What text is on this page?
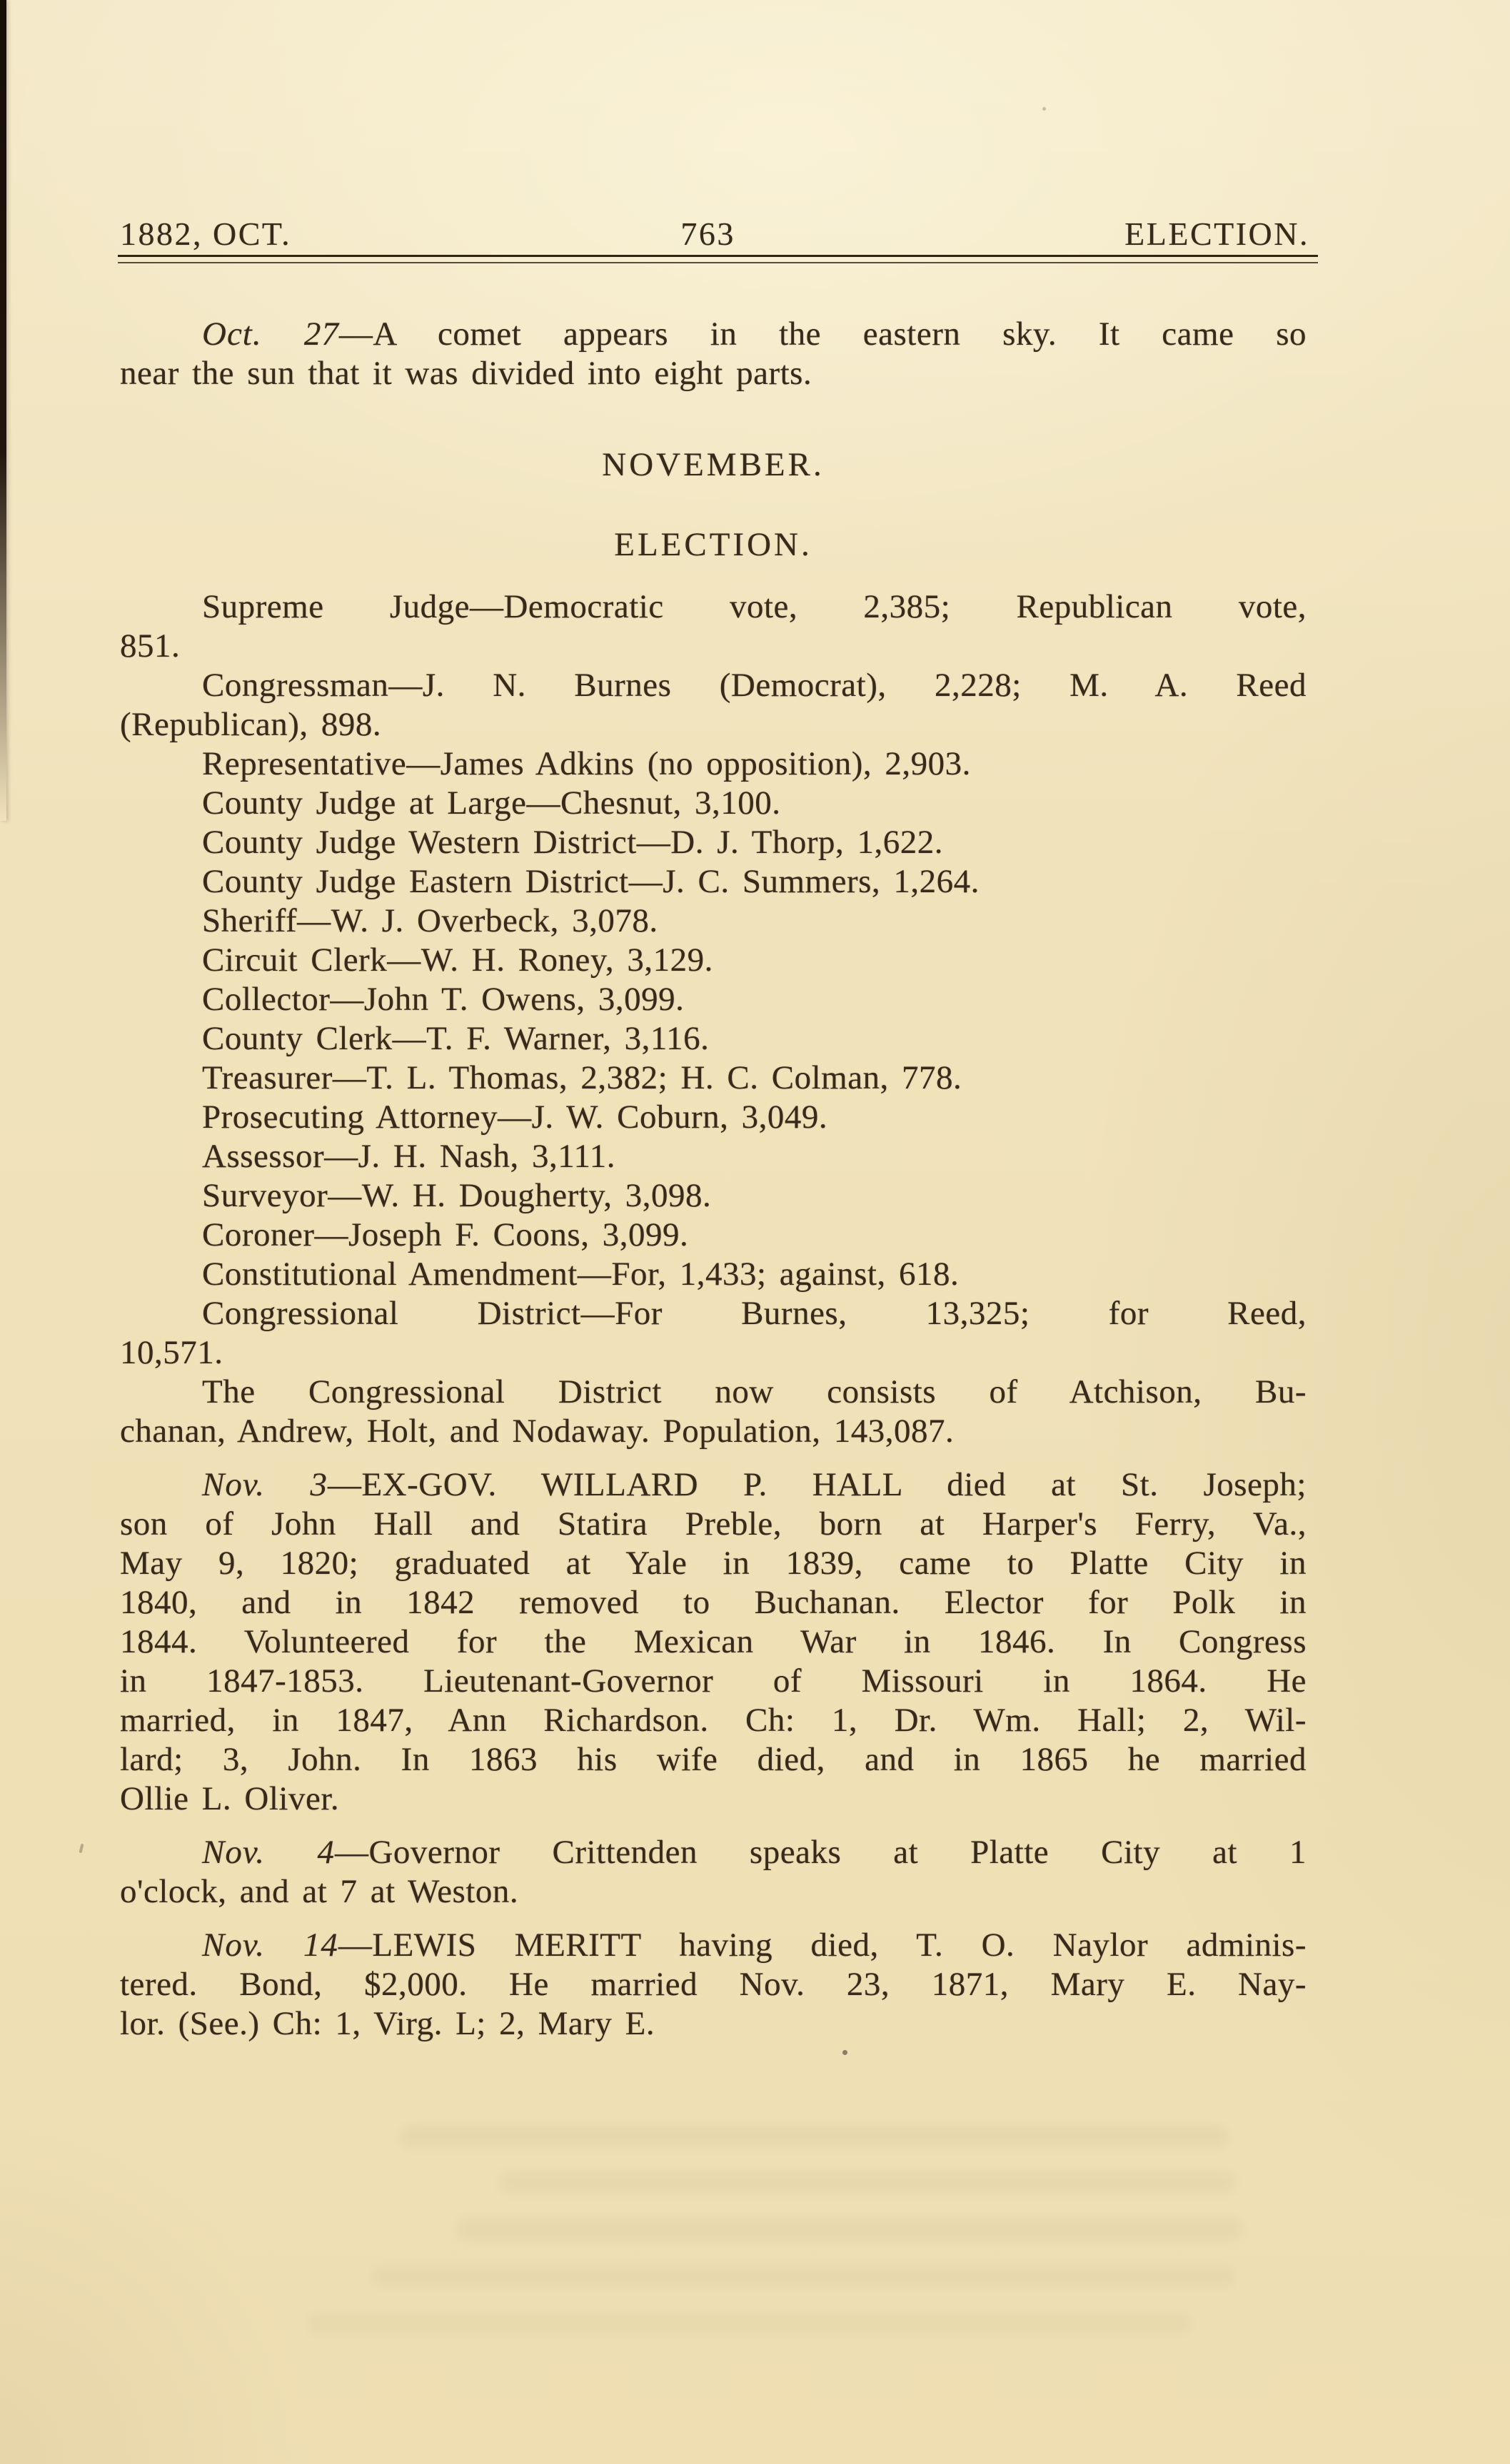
1882, OCT.	763	ELECTION.

Oct. 27—A comet appears in the eastern sky. It came so
near the sun that it was divided into eight parts.

NOVEMBER.
ELECTION.

Supreme Judge—Democratic vote, 2,385; Republican vote,
851.

Congressman—J. N. Burnes (Democrat), 2,228; M. A. Reed
(Republican), 898.

Representative—James Adkins (no opposition), 2,903.

County Judge at Large—Chesnut, 3,100.

County Judge Western District—D. J. Thorp, 1,622.

County Judge Eastern District—J. C. Summers, 1,264.

Sheriff—W. J. Overbeck, 3,078.

Circuit Clerk—W. H. Roney, 3,129.

Collector—John T. Owens, 3,099.

County Clerk—T. F. Warner, 3,116.

Treasurer—T. L. Thomas, 2,382; H. C. Colman, 778.

Prosecuting Attorney—J. W. Coburn, 3,049.

Assessor—J. H. Nash, 3,111.

Surveyor—W. H. Dougherty, 3,098.

Coroner—Joseph F. Coons, 3,099.

Constitutional Amendment—For, 1,433; against, 618.

Congressional District—For Burnes, 13,325; for Reed,
10,571.

The Congressional District now consists of Atchison, Bu-
chanan, Andrew, Holt, and Nodaway. Population, 143,087.

Nov. 3—EX-GOV. WILLARD P. HALL died at St. Joseph;
son of John Hall and Statira Preble, born at Harper's Ferry, Va.,
May 9, 1820; graduated at Yale in 1839, came to Platte City in
1840, and in 1842 removed to Buchanan. Elector for Polk in
1844. Volunteered for the Mexican War in 1846. In Congress
in 1847-1853. Lieutenant-Governor of Missouri in 1864. He
married, in 1847, Ann Richardson. Ch: 1, Dr. Wm. Hall; 2, Wil-
lard; 3, John. In 1863 his wife died, and in 1865 he married
Ollie L. Oliver.

Nov. 4—Governor Crittenden speaks at Platte City at 1
o'clock, and at 7 at Weston.

Nov. 14—LEWIS MERITT having died, T. O. Naylor adminis-
tered. Bond, $2,000. He married Nov. 23, 1871, Mary E. Nay-
lor. (See.) Ch: 1, Virg. L; 2, Mary E.
